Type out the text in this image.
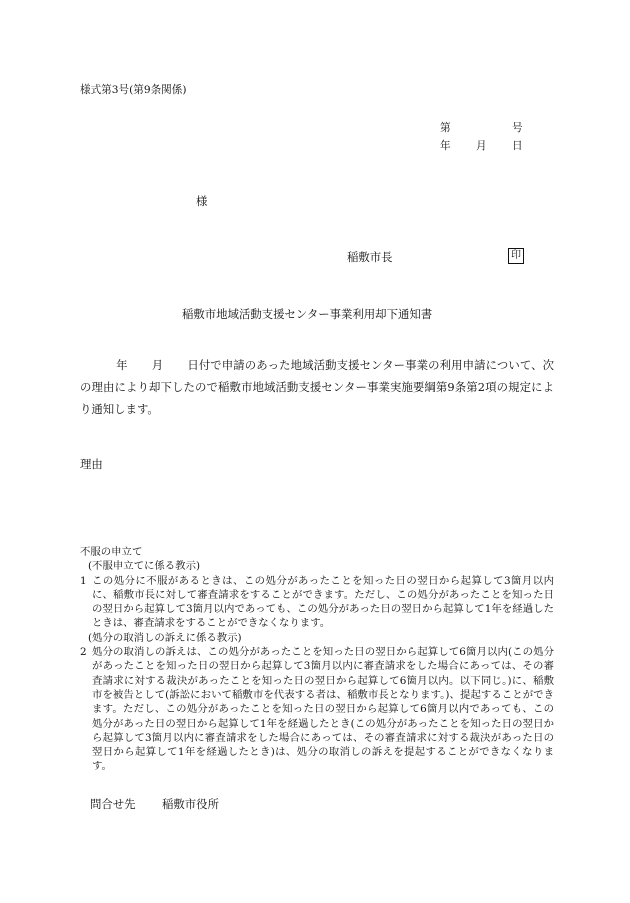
様式第3号(第9条関係)
第	号
年 月 日
様
稲敷市長	印
稲敷市地域活動支援センター事業利用却下通知書
年 月 日付で申請のあった地域活動支援センター事業の利用申請について、次の理由により却下したので稲敷市地域活動支援センター事業実施要綱第9条第2項の規定により通知します。
理由
不服の申立て
(不服申立てに係る教示)
1 この処分に不服があるときは、この処分があったことを知った日の翌日から起算して3箇月以内に、稲敷市長に対して審査請求をすることができます。ただし、この処分があったことを知った日の翌日から起算して3箇月以内であっても、この処分があった日の翌日から起算して1年を経過したときは、審査請求をすることができなくなります。
(処分の取消しの訴えに係る教示)
2 処分の取消しの訴えは、この処分があったことを知った日の翌日から起算して6箇月以内(この処分があったことを知った日の翌日から起算して3箇月以内に審査請求をした場合にあっては、その審査請求に対する裁決があったことを知った日の翌日から起算して6箇月以内。以下同じ。)に、稲敷市を被告として(訴訟において稲敷市を代表する者は、稲敷市長となります。)、提起することができます。ただし、この処分があったことを知った日の翌日から起算して6箇月以内であっても、この処分があった日の翌日から起算して1年を経過したとき(この処分があったことを知った日の翌日から起算して3箇月以内に審査請求をした場合にあっては、その審査請求に対する裁決があった日の翌日から起算して1年を経過したとき)は、処分の取消しの訴えを提起することができなくなります。
問合せ先 稲敷市役所
